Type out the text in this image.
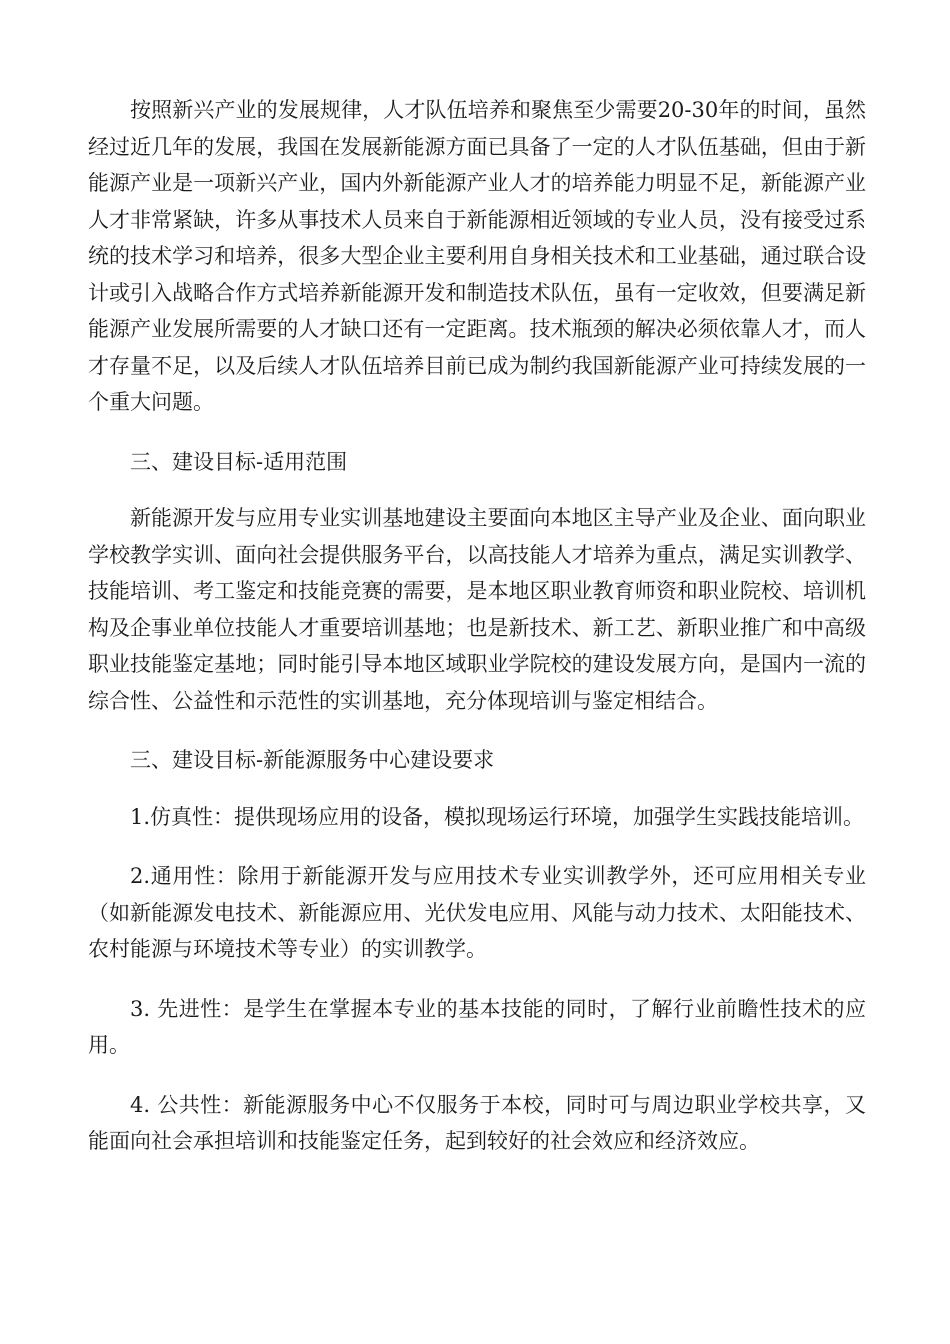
按照新兴产业的发展规律，人才队伍培养和聚焦至少需要20-30年的时间，虽然经过近几年的发展，我国在发展新能源方面已具备了一定的人才队伍基础，但由于新能源产业是一项新兴产业，国内外新能源产业人才的培养能力明显不足，新能源产业人才非常紧缺，许多从事技术人员来自于新能源相近领域的专业人员，没有接受过系统的技术学习和培养，很多大型企业主要利用自身相关技术和工业基础，通过联合设计或引入战略合作方式培养新能源开发和制造技术队伍，虽有一定收效，但要满足新能源产业发展所需要的人才缺口还有一定距离。技术瓶颈的解决必须依靠人才，而人才存量不足，以及后续人才队伍培养目前已成为制约我国新能源产业可持续发展的一个重大问题。

三、建设目标-适用范围

新能源开发与应用专业实训基地建设主要面向本地区主导产业及企业、面向职业学校教学实训、面向社会提供服务平台，以高技能人才培养为重点，满足实训教学、技能培训、考工鉴定和技能竞赛的需要，是本地区职业教育师资和职业院校、培训机构及企事业单位技能人才重要培训基地；也是新技术、新工艺、新职业推广和中高级职业技能鉴定基地；同时能引导本地区域职业学院校的建设发展方向，是国内一流的综合性、公益性和示范性的实训基地，充分体现培训与鉴定相结合。

三、建设目标-新能源服务中心建设要求

1.仿真性：提供现场应用的设备，模拟现场运行环境，加强学生实践技能培训。

2.通用性：除用于新能源开发与应用技术专业实训教学外，还可应用相关专业（如新能源发电技术、新能源应用、光伏发电应用、风能与动力技术、太阳能技术、农村能源与环境技术等专业）的实训教学。

3. 先进性：是学生在掌握本专业的基本技能的同时，了解行业前瞻性技术的应用。

4. 公共性：新能源服务中心不仅服务于本校，同时可与周边职业学校共享，又能面向社会承担培训和技能鉴定任务，起到较好的社会效应和经济效应。
